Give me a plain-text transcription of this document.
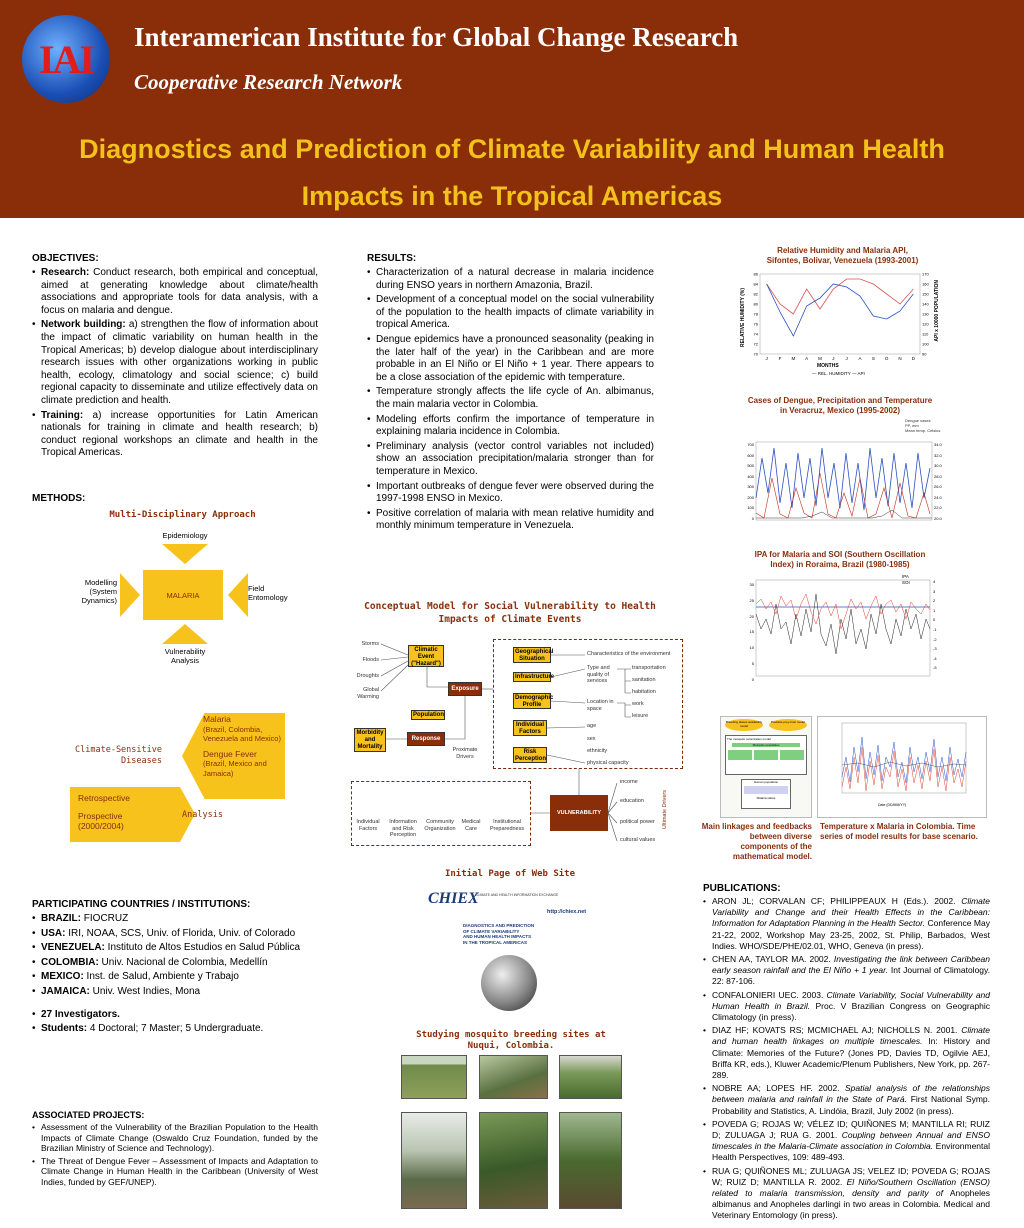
IAI Interamerican Institute for Global Change Research
Cooperative Research Network
Diagnostics and Prediction of Climate Variability and Human Health
Impacts in the Tropical Americas
OBJECTIVES:
• Research: Conduct research, both empirical and conceptual, aimed at generating knowledge about climate/health associations and appropriate tools for data analysis, with a focus on malaria and dengue.
• Network building: a) strengthen the flow of information about the impact of climatic variability on human health in the Tropical Americas; b) develop dialogue about interdisciplinary research issues with other organizations working in public health, ecology, climatology and social science; c) build regional capacity to disseminate and utilize effectively data on climate prediction and health.
• Training: a) increase opportunities for Latin American nationals for training in climate and health research; b) conduct regional workshops an climate and health in the Tropical Americas.
METHODS:
Multi-Disciplinary Approach
Epidemiology
Modelling
(System
Dynamics)
MALARIA
Field
Entomology
Vulnerability
Analysis
Climate-Sensitive
Diseases
Malaria
(Brazil, Colombia, Venezuela and Mexico)
Dengue Fever
(Brazil, Mexico and Jamaica)
Retrospective
Prospective
(2000/2004)
Analysis
RESULTS:
• Characterization of a natural decrease in malaria incidence during ENSO years in northern Amazonia, Brazil.
• Development of a conceptual model on the social vulnerability of the population to the health impacts of climate variability in tropical America.
• Dengue epidemics have a pronounced seasonality (peaking in the later half of the year) in the Caribbean and are more probable in an El Niño or El Niño + 1 year. There appears to be a close association of the epidemic with temperature.
• Temperature strongly affects the life cycle of An. albimanus, the main malaria vector in Colombia.
• Modeling efforts confirm the importance of temperature in explaining malaria incidence in Colombia.
• Preliminary analysis (vector control variables not included) show an association precipitation/malaria stronger than for temperature in Mexico.
• Important outbreaks of dengue fever were observed during the 1997-1998 ENSO in Mexico.
• Positive correlation of malaria with mean relative humidity and monthly minimum temperature in Venezuela.
Conceptual Model for Social Vulnerability to Health Impacts of Climate Events
Storms
Floods
Droughts
Global Warming
Climatic Event ("Hazard")
Exposure
Population
Morbidity and Mortality
Response
Proximate Drivers
Geographical Situation
Infrastructure
Demographic Profile
Individual Factors
Risk Perception
Characteristics of the environment
Type and quality of services
transportation
sanitation
habitation
Location in space
work
leisure
age
sex
ethnicity
physical capacity
Individual Factors
Information and Risk Perception
Community Organization
Medical Care
Institutional Preparedness
VULNERABILITY
income
education
political power
cultural values
Ultimate Drivers
Relative Humidity and Malaria API,
Sifontes, Bolivar, Venezuela (1993-2001)
RELATIVE HUMIDITY (%)	API x 10000 POPULATION
J F M A M J J A S O N D
86
84
82
80
78
76
74
72
70
170
160
150
140
130
120
110
100
90
MONTHS
— REL. HUMIDITY — API
Cases of Dengue, Precipitation and Temperature
in Veracruz, Mexico (1995-2002)
Dengue cases
PP, mm
Mean temp. Celsius
700
600
500
400
300
200
100
0
34.0
32.0
30.0
28.0
26.0
24.0
22.0
20.0
IPA for Malaria and SOI (Southern Oscillation
Index) in Roraima, Brazil (1980-1985)
IPA
SOI
30
25
20
15
10
5
0
4
3
2
1
0
-1
-2
-3
-4
-5
Breeding places availability model
Predator-prey-host model
The mosquito colonization model
Mosquito population
Human population
Malaria status
Main linkages and feedbacks between diverse components of the mathematical model.
Date (DD/MM/YY)
Temperature x Malaria in Colombia. Time series of model results for base scenario.
Initial Page of Web Site
CHIEX
CLIMATE AND HEALTH INFORMATION EXCHANGE
http://chiex.net
DIAGNOSTICS AND PREDICTION
OF CLIMATE VARIABILITY
AND HUMAN HEALTH IMPACTS
IN THE TROPICAL AMERICAS
Studying mosquito breeding sites at Nuqui, Colombia.
PARTICIPATING COUNTRIES / INSTITUTIONS:
• BRAZIL: FIOCRUZ
• USA: IRI, NOAA, SCS, Univ. of Florida, Univ. of Colorado
• VENEZUELA: Instituto de Altos Estudios en Salud Pública
• COLOMBIA: Univ. Nacional de Colombia, Medellín
• MEXICO: Inst. de Salud, Ambiente y Trabajo
• JAMAICA: Univ. West Indies, Mona
• 27 Investigators.
• Students: 4 Doctoral; 7 Master; 5 Undergraduate.
ASSOCIATED PROJECTS:
• Assessment of the Vulnerability of the Brazilian Population to the Health Impacts of Climate Change (Oswaldo Cruz Foundation, funded by the Brazilian Ministry of Science and Technology).
• The Threat of Dengue Fever – Assessment of Impacts and Adaptation to Climate Change in Human Health in the Caribbean (University of West Indies, funded by GEF/UNEP).
PUBLICATIONS:
• ARON JL; CORVALAN CF; PHILIPPEAUX H (Eds.). 2002. Climate Variability and Change and their Health Effects in the Caribbean: Information for Adaptation Planning in the Health Sector. Conference May 21-22, 2002, Workshop May 23-25, 2002, St. Philip, Barbados, West Indies. WHO/SDE/PHE/02.01, WHO, Geneva (in press).
• CHEN AA, TAYLOR MA. 2002. Investigating the link between Caribbean early season rainfall and the El Niño + 1 year. Int Journal of Climatology. 22: 87-106.
• CONFALONIERI UEC. 2003. Climate Variability, Social Vulnerability and Human Health in Brazil. Proc. V Brazilian Congress on Geographic Climatology (in press).
• DIAZ HF; KOVATS RS; MCMICHAEL AJ; NICHOLLS N. 2001. Climate and human health linkages on multiple timescales. In: History and Climate: Memories of the Future? (Jones PD, Davies TD, Ogilvie AEJ, Briffa KR, eds.), Kluwer Academic/Plenum Publishers, New York, pp. 267-289.
• NOBRE AA; LOPES HF. 2002. Spatial analysis of the relationships between malaria and rainfall in the State of Pará. First National Symp. Probability and Statistics, A. Lindóia, Brazil, July 2002 (in press).
• POVEDA G; ROJAS W; VÉLEZ ID; QUIÑONES M; MANTILLA RI; RUIZ D; ZULUAGA J; RUA G. 2001. Coupling between Annual and ENSO timescales in the Malaria-Climate association in Colombia. Environmental Health Perspectives, 109: 489-493.
• RUA G; QUIÑONES ML; ZULUAGA JS; VELEZ ID; POVEDA G; ROJAS W; RUIZ D; MANTILLA R. 2002. El Niño/Southern Oscillation (ENSO) related to malaria transmission, density and parity of Anopheles albimanus and Anopheles darlingi in two areas in Colombia. Medical and Veterinary Entomology (in press).
